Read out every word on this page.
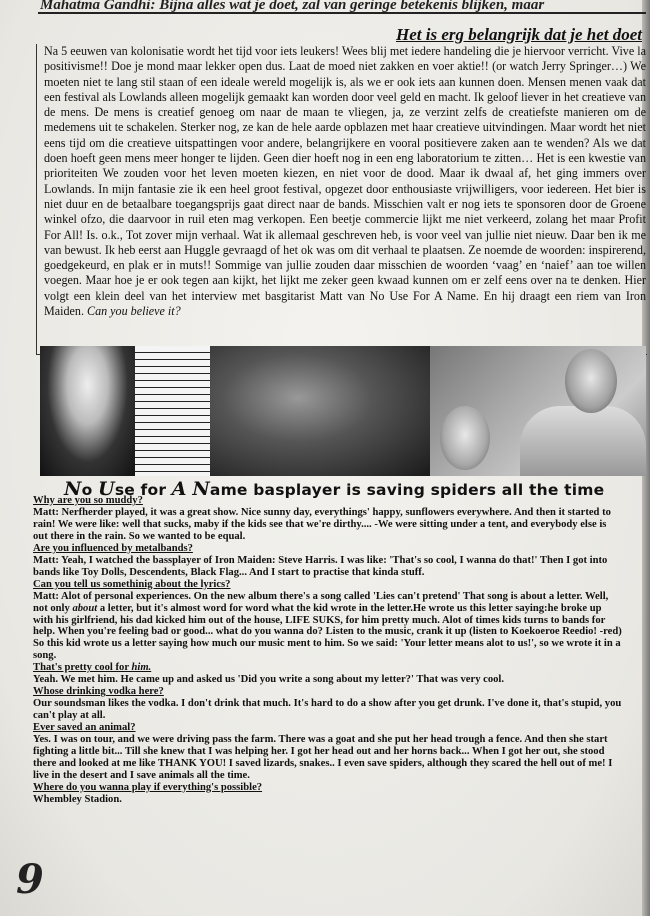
Mahatma Gandhi: Bijna alles wat je doet, zal van geringe betekenis blijken, maar
Het is erg belangrijk dat je het doet

Na 5 eeuwen van kolonisatie wordt het tijd voor iets leukers! Wees blij met iedere handeling die je hiervoor verricht. Vive la positivisme!! Doe je mond maar lekker open dus. Laat de moed niet zakken en voer aktie!! (or watch Jerry Springer…) We moeten niet te lang stil staan of een ideale wereld mogelijk is, als we er ook iets aan kunnen doen. Mensen menen vaak dat een festival als Lowlands alleen mogelijk gemaakt kan worden door veel geld en macht. Ik geloof liever in het creatieve van de mens. De mens is creatief genoeg om naar de maan te vliegen, ja, ze verzint zelfs de creatiefste manieren om de medemens uit te schakelen. Sterker nog, ze kan de hele aarde opblazen met haar creatieve uitvindingen. Maar wordt het niet eens tijd om die creatieve uitspattingen voor andere, belangrijkere en vooral positievere zaken aan te wenden? Als we dat doen hoeft geen mens meer honger te lijden. Geen dier hoeft nog in een eng laboratorium te zitten… Het is een kwestie van prioriteiten We zouden voor het leven moeten kiezen, en niet voor de dood. Maar ik dwaal af, het ging immers over Lowlands. In mijn fantasie zie ik een heel groot festival, opgezet door enthousiaste vrijwilligers, voor iedereen. Het bier is niet duur en de betaalbare toegangsprijs gaat direct naar de bands. Misschien valt er nog iets te sponsoren door de Groene winkel ofzo, die daarvoor in ruil eten mag verkopen. Een beetje commercie lijkt me niet verkeerd, zolang het maar Profit For All! Is. o.k., Tot zover mijn verhaal. Wat ik allemaal geschreven heb, is voor veel van jullie niet nieuw. Daar ben ik me van bewust. Ik heb eerst aan Huggle gevraagd of het ok was om dit verhaal te plaatsen. Ze noemde de woorden: inspirerend, goedgekeurd, en plak er in muts!! Sommige van jullie zouden daar misschien de woorden ‘vaag’ en ‘naief’ aan toe willen voegen. Maar hoe je er ook tegen aan kijkt, het lijkt me zeker geen kwaad kunnen om er zelf eens over na te denken. Hier volgt een klein deel van het interview met basgitarist Matt van No Use For A Name. En hij draagt een riem van Iron Maiden. Can you believe it?

No Use for A Name basplayer is saving spiders all the time

Why are you so muddy?

Matt: Nerfherder played, it was a great show. Nice sunny day, everythings' happy, sunflowers everywhere. And then it started to rain! We were like: well that sucks, maby if the kids see that we're dirthy.... -We were sitting under a tent, and everybody else is out there in the rain. So we wanted to be equal.

Are you influenced by metalbands?

Matt: Yeah, I watched the bassplayer of Iron Maiden: Steve Harris. I was like: 'That's so cool, I wanna do that!' Then I got into bands like Toy Dolls, Descendents, Black Flag... And I start to practise that kinda stuff.

Can you tell us somethinig about the lyrics?

Matt: Alot of personal experiences. On the new album there's a song called 'Lies can't pretend' That song is about a letter. Well, not only about a letter, but it's almost word for word what the kid wrote in the letter.He wrote us this letter saying:he broke up with his girlfriend, his dad kicked him out of the house, LIFE SUKS, for him pretty much. Alot of times kids turns to bands for help. When you're feeling bad or good... what do you wanna do? Listen to the music, crank it up (listen to Koekoeroe Reedio! -red) So this kid wrote us a letter saying how much our music ment to him. So we said: 'Your letter means alot to us!', so we wrote it in a song.

That's pretty cool for him.

Yeah. We met him. He came up and asked us 'Did you write a song about my letter?' That was very cool.

Whose drinking vodka here?

Our soundsman likes the vodka. I don't drink that much. It's hard to do a show after you get drunk. I've done it, that's stupid, you can't play at all.

Ever saved an animal?

Yes. I was on tour, and we were driving pass the farm. There was a goat and she put her head trough a fence. And then she start fighting a little bit... Till she knew that I was helping her. I got her head out and her horns back... When I got her out, she stood there and looked at me like THANK YOU! I saved lizards, snakes.. I even save spiders, although they scared the hell out of me! I live in the desert and I save animals all the time.

Where do you wanna play if everything's possible?

Whembley Stadion.

9
